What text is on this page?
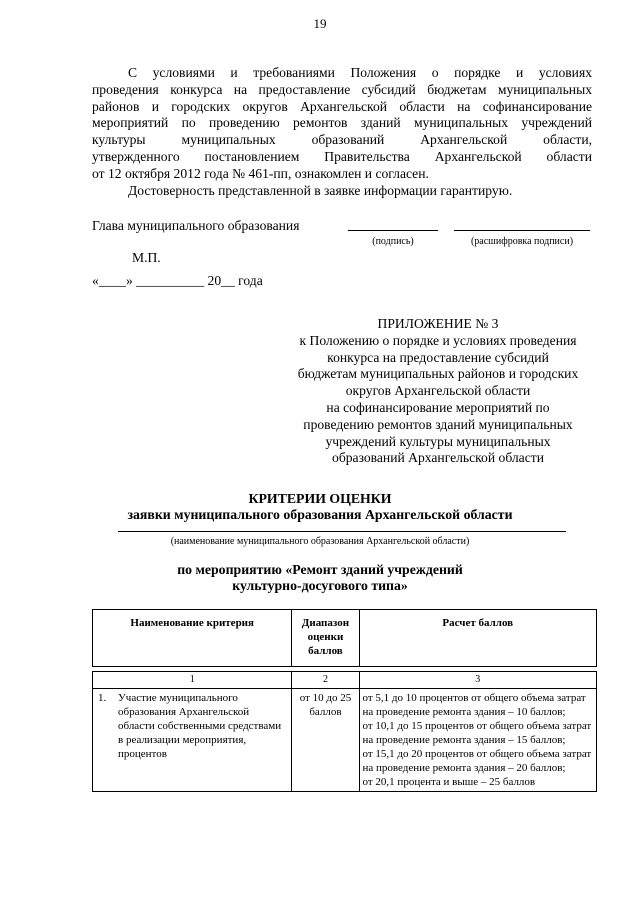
19
С условиями и требованиями Положения о порядке и условиях
проведения конкурса на предоставление субсидий бюджетам муниципальных
районов и городских округов Архангельской области на софинансирование
мероприятий по проведению ремонтов зданий муниципальных учреждений
культуры муниципальных образований Архангельской области,
утвержденного постановлением Правительства Архангельской области
от 12 октября 2012 года № 461-пп, ознакомлен и согласен.
Достоверность представленной в заявке информации гарантирую.
Глава муниципального образования
(подпись)	(расшифровка подписи)
М.П.
«____» __________ 20__ года
ПРИЛОЖЕНИЕ № 3
к Положению о порядке и условиях проведения
конкурса на предоставление субсидий
бюджетам муниципальных районов и городских
округов Архангельской области
на софинансирование мероприятий по
проведению ремонтов зданий муниципальных
учреждений культуры муниципальных
образований Архангельской области
КРИТЕРИИ ОЦЕНКИ
заявки муниципального образования Архангельской области
(наименование муниципального образования Архангельской области)
по мероприятию «Ремонт зданий учреждений
культурно-досугового типа»
Наименование критерия	Диапазон оценки баллов	Расчет баллов

1	2	3

1. Участие муниципального образования Архангельской области собственными средствами в реализации мероприятия, процентов	от 10 до 25 баллов	от 5,1 до 10 процентов от общего объема затрат на проведение ремонта здания – 10 баллов;
от 10,1 до 15 процентов от общего объема затрат на проведение ремонта здания – 15 баллов;
от 15,1 до 20 процентов от общего объема затрат на проведение ремонта здания – 20 баллов;
от 20,1 процента и выше – 25 баллов
